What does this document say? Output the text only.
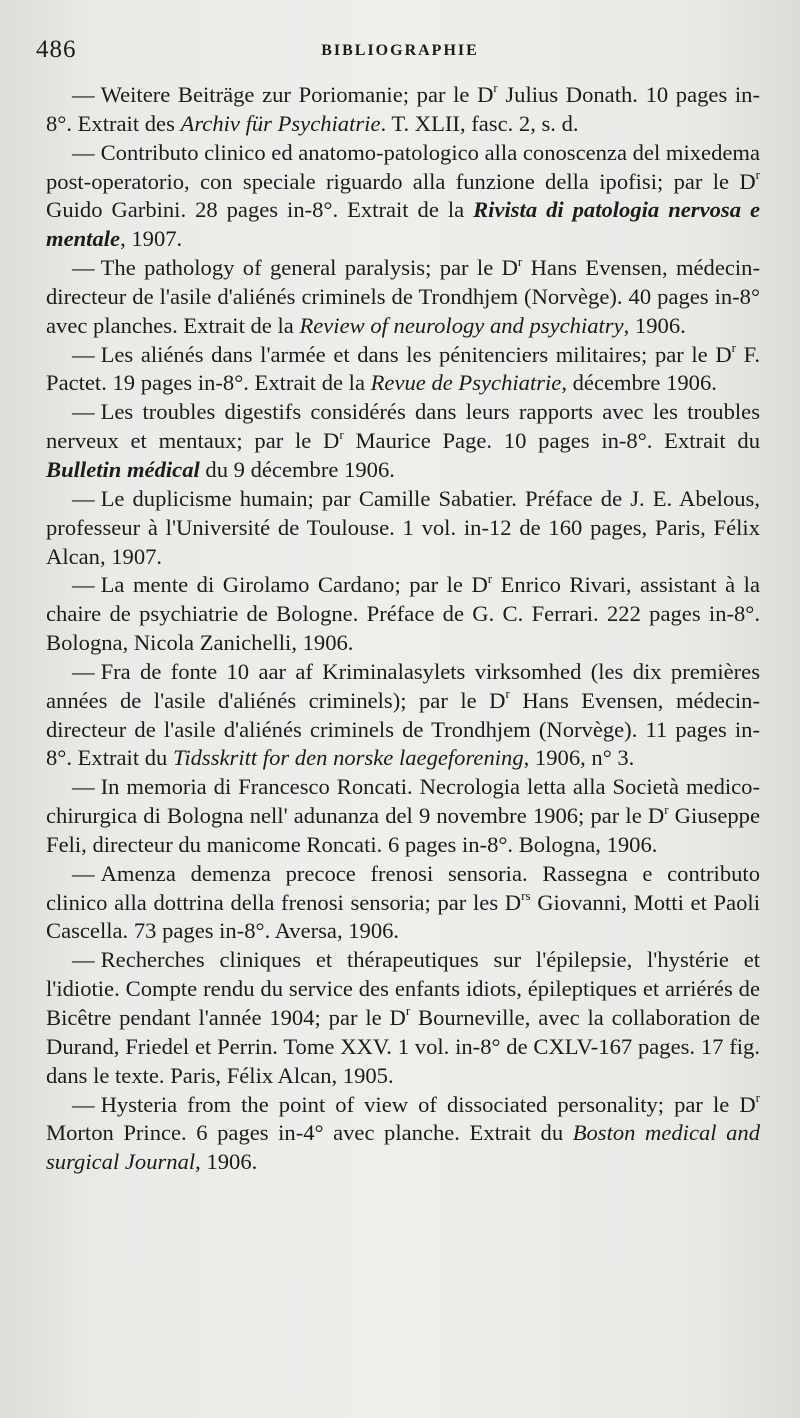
486	BIBLIOGRAPHIE

— Weitere Beiträge zur Poriomanie; par le $D^r$ Julius Donath. 10 pages in-8°. Extrait des Archiv für Psychiatrie. T. XLII, fasc. 2, s. d.

— Contributo clinico ed anatomo-patologico alla conoscenza del mixedema post-operatorio, con speciale riguardo alla funzione della ipofisi; par le $D^r$ Guido Garbini. 28 pages in-8°. Extrait de la Rivista di patologia nervosa e mentale, 1907.

— The pathology of general paralysis; par le $D^r$ Hans Evensen, médecin-directeur de l'asile d'aliénés criminels de Trondhjem (Norvège). 40 pages in-8° avec planches. Extrait de la Review of neurology and psychiatry, 1906.

— Les aliénés dans l'armée et dans les pénitenciers militaires; par le $D^r$ F. Pactet. 19 pages in-8°. Extrait de la Revue de Psychiatrie, décembre 1906.

— Les troubles digestifs considérés dans leurs rapports avec les troubles nerveux et mentaux; par le $D^r$ Maurice Page. 10 pages in-8°. Extrait du Bulletin médical du 9 décembre 1906.

— Le duplicisme humain; par Camille Sabatier. Préface de J. E. Abelous, professeur à l'Université de Toulouse. 1 vol. in-12 de 160 pages, Paris, Félix Alcan, 1907.

— La mente di Girolamo Cardano; par le $D^r$ Enrico Rivari, assistant à la chaire de psychiatrie de Bologne. Préface de G. C. Ferrari. 222 pages in-8°. Bologna, Nicola Zanichelli, 1906.

— Fra de fonte 10 aar af Kriminalasylets virksomhed (les dix premières années de l'asile d'aliénés criminels); par le $D^r$ Hans Evensen, médecin-directeur de l'asile d'aliénés criminels de Trondhjem (Norvège). 11 pages in-8°. Extrait du Tidsskritt for den norske laegeforening, 1906, n° 3.

— In memoria di Francesco Roncati. Necrologia letta alla Società medico-chirurgica di Bologna nell' adunanza del 9 novembre 1906; par le $D^r$ Giuseppe Feli, directeur du manicome Roncati. 6 pages in-8°. Bologna, 1906.

— Amenza demenza precoce frenosi sensoria. Rassegna e contributo clinico alla dottrina della frenosi sensoria; par les $D^{rs}$ Giovanni, Motti et Paoli Cascella. 73 pages in-8°. Aversa, 1906.

— Recherches cliniques et thérapeutiques sur l'épilepsie, l'hystérie et l'idiotie. Compte rendu du service des enfants idiots, épileptiques et arriérés de Bicêtre pendant l'année 1904; par le $D^r$ Bourneville, avec la collaboration de Durand, Friedel et Perrin. Tome XXV. 1 vol. in-8° de CXLV-167 pages. 17 fig. dans le texte. Paris, Félix Alcan, 1905.

— Hysteria from the point of view of dissociated personality; par le $D^r$ Morton Prince. 6 pages in-4° avec planche. Extrait du Boston medical and surgical Journal, 1906.
